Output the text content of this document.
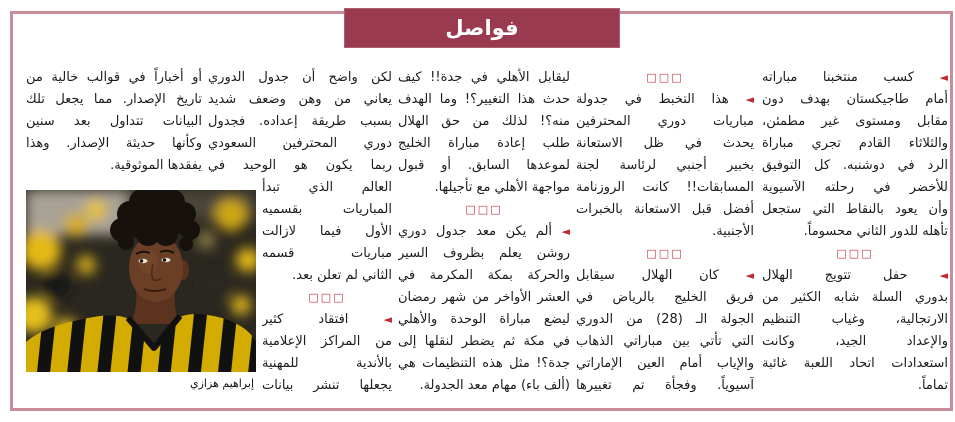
فواصل
◄ كسب منتخبنا مباراته
أمام طاجيكستان بهدف دون
مقابل ومستوى غير مطمئن،
والثلاثاء القادم تجري مباراة
الرد في دوشنبه. كل التوفيق
للأخضر في رحلته الآسيوية
وأن يعود بالنقاط التي ستجعل
تأهله للدور الثاني محسوماً.
□□□
◄ حفل تتويج الهلال
بدوري السلة شابه الكثير من
الارتجالية، وغياب التنظيم
والإعداد الجيد، وكانت
استعدادات اتحاد اللعبة غائبة
تماماً.
□□□
◄ هذا التخبط في جدولة
مباريات دوري المحترفين
يحدث في ظل الاستعانة
بخبير أجنبي لرئاسة لجنة
المسابقات!! كانت الروزنامة
أفضل قبل الاستعانة بالخبرات
الأجنبية.
□□□
◄ كان الهلال سيقابل
فريق الخليج بالرياض في
الجولة الـ (28) من الدوري
التي تأتي بين مباراتي الذهاب
والإياب أمام العين الإماراتي
آسيوياً. وفجأة تم تغييرها
ليقابل الأهلي في جدة!! كيف
حدث هذا التغيير؟! وما الهدف
منه؟! لذلك من حق الهلال
طلب إعادة مباراة الخليج
لموعدها السابق. أو قبول
مواجهة الأهلي مع تأجيلها.
□□□
◄ ألم يكن معد جدول دوري
روشن يعلم بظروف السير
والحركة بمكة المكرمة في
العشر الأواخر من شهر رمضان
ليضع مباراة الوحدة والأهلي
في مكة ثم يضطر لنقلها إلى
جدة؟! مثل هذه التنظيمات هي
(ألف باء) مهام معد الجدولة.
لكن واضح أن جدول الدوري
يعاني من وهن وضعف شديد
بسبب طريقة إعداده. فجدول
دوري المحترفين السعودي
ربما يكون هو الوحيد في
العالم الذي تبدأ
المباريات بقسميه
الأول فيما لازالت
مباريات قسمه
الثاني لم تعلن بعد.
□□□
◄ افتقاد كثير
من المراكز الإعلامية
بالأندية للمهنية
يجعلها تنشر بيانات
أو أخباراً في قوالب خالية من
تاريخ الإصدار. مما يجعل تلك
البيانات تتداول بعد سنين
وكأنها حديثة الإصدار. وهذا
يفقدها الموثوقية.
إبراهيم هزازي
